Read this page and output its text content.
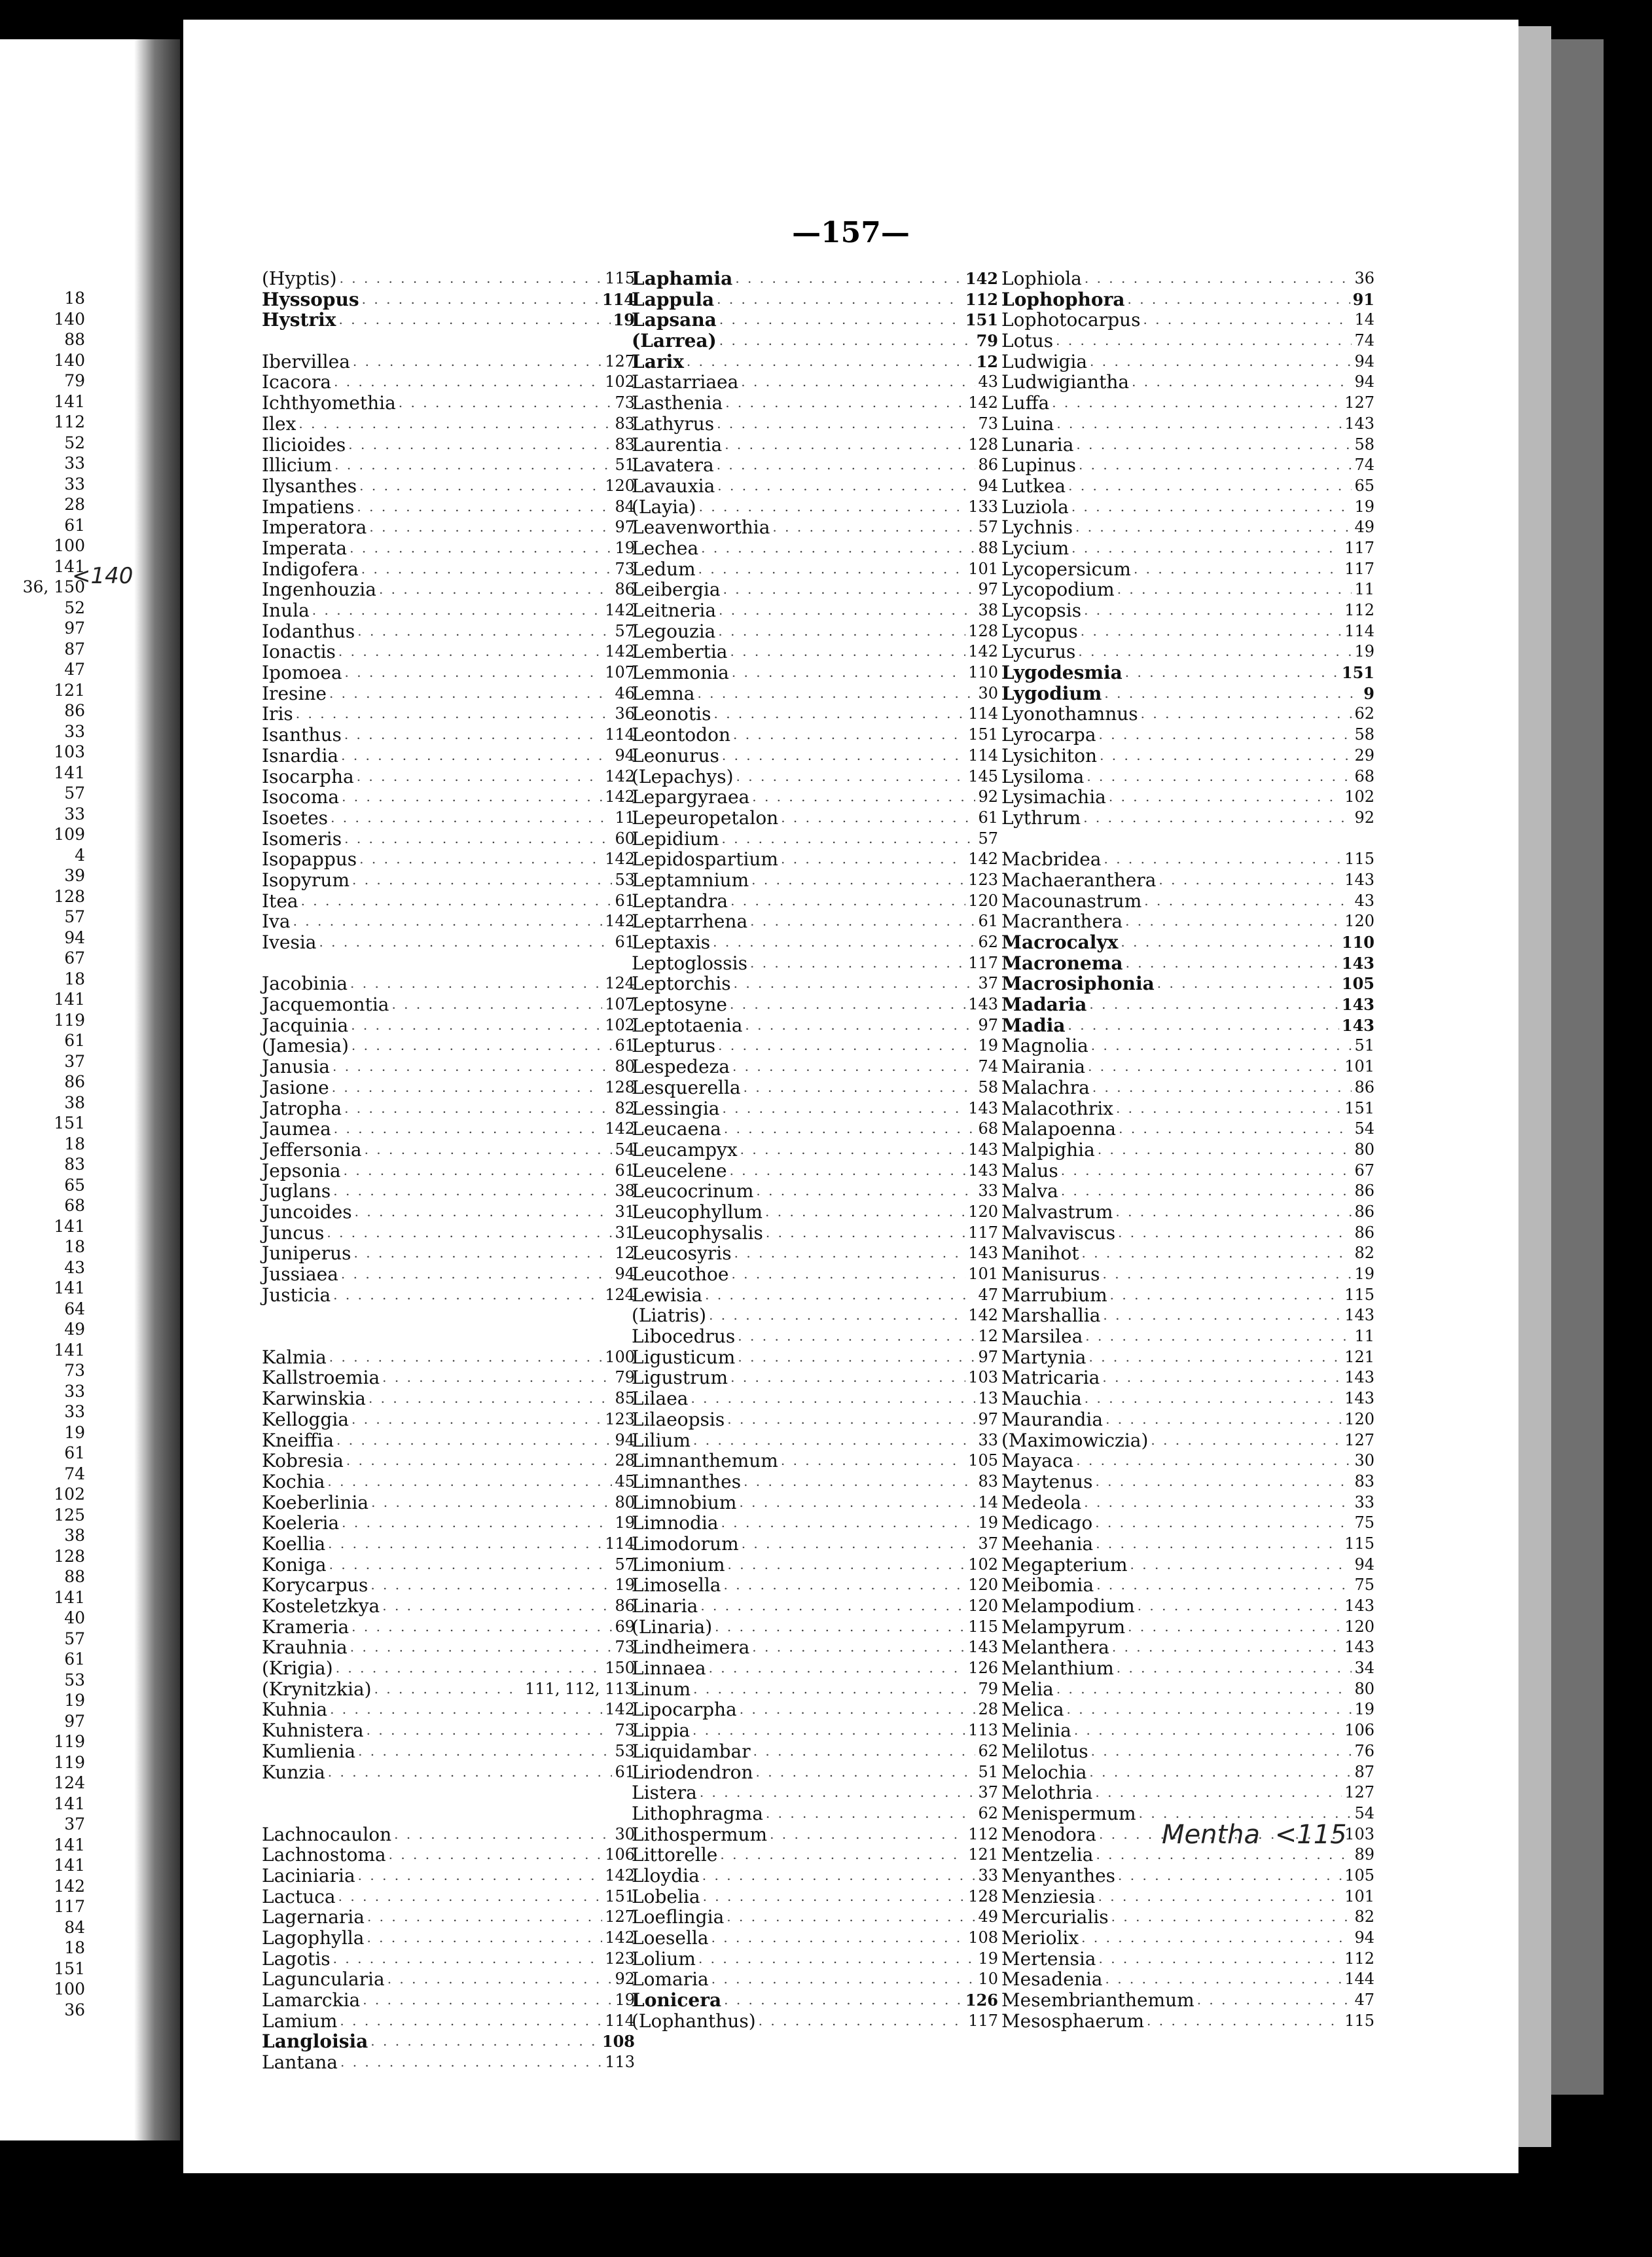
18
140
88
140
79
141
112
52
33
33
28
61
100
141
36, 150
52
97
87
47
121
86
33
103
141
57
33
109
4
39
128
57
94
67
18
141
119
61
37
86
38
151
18
83
65
68
141
18
43
141
64
49
141
73
33
33
19
61
74
102
125
38
128
88
141
40
57
61
53
19
97
119
119
124
141
37
141
141
142
117
84
18
151
100
36
<140
—157—
(Hyptis) . . .	115
Hyssopus . . .	114
Hystrix . . .	19
Ibervillea . . .	127
Icacora . . .	102
Ichthyomethia . . .	73
Ilex . . .	83
Ilicioides . . .	83
Illicium . . .	51
Ilysanthes . . .	120
Impatiens . . .	84
Imperatora . . .	97
Imperata . . .	19
Indigofera . . .	73
Ingenhouzia . . .	86
Inula . . .	142
Iodanthus . . .	57
Ionactis . . .	142
Ipomoea . . .	107
Iresine . . .	46
Iris . . .	36
Isanthus . . .	114
Isnardia . . .	94
Isocarpha . . .	142
Isocoma . . .	142
Isoetes . . .	11
Isomeris . . .	60
Isopappus . . .	142
Isopyrum . . .	53
Itea . . .	61
Iva . . .	142
Ivesia . . .	61
Jacobinia . . .	124
Jacquemontia . . .	107
Jacquinia . . .	102
(Jamesia) . . .	61
Janusia . . .	80
Jasione . . .	128
Jatropha . . .	82
Jaumea . . .	142
Jeffersonia . . .	54
Jepsonia . . .	61
Juglans . . .	38
Juncoides . . .	31
Juncus . . .	31
Juniperus . . .	12
Jussiaea . . .	94
Justicia . . .	124
Kalmia . . .	100
Kallstroemia . . .	79
Karwinskia . . .	85
Kelloggia . . .	123
Kneiffia . . .	94
Kobresia . . .	28
Kochia . . .	45
Koeberlinia . . .	80
Koeleria . . .	19
Koellia . . .	114
Koniga . . .	57
Korycarpus . . .	19
Kosteletzkya . . .	86
Krameria . . .	69
Krauhnia . . .	73
(Krigia) . . .	150
(Krynitzkia) . . .	111, 112, 113
Kuhnia . . .	142
Kuhnistera . . .	73
Kumlienia . . .	53
Kunzia . . .	61
Lachnocaulon . . .	30
Lachnostoma . . .	106
Laciniaria . . .	142
Lactuca . . .	151
Lagernaria . . .	127
Lagophylla . . .	142
Lagotis . . .	123
Laguncularia . . .	92
Lamarckia . . .	19
Lamium . . .	114
Langloisia . . .	108
Lantana . . .	113
Laphamia . . .	142
Lappula . . .	112
Lapsana . . .	151
(Larrea) . . .	79
Larix . . .	12
Lastarriaea . . .	43
Lasthenia . . .	142
Lathyrus . . .	73
Laurentia . . .	128
Lavatera . . .	86
Lavauxia . . .	94
(Layia) . . .	133
Leavenworthia . . .	57
Lechea . . .	88
Ledum . . .	101
Leibergia . . .	97
Leitneria . . .	38
Legouzia . . .	128
Lembertia . . .	142
Lemmonia . . .	110
Lemna . . .	30
Leonotis . . .	114
Leontodon . . .	151
Leonurus . . .	114
(Lepachys) . . .	145
Lepargyraea . . .	92
Lepeuropetalon . . .	61
Lepidium . . .	57
Lepidospartium . . .	142
Leptamnium . . .	123
Leptandra . . .	120
Leptarrhena . . .	61
Leptaxis . . .	62
Leptoglossis . . .	117
Leptorchis . . .	37
Leptosyne . . .	143
Leptotaenia . . .	97
Lepturus . . .	19
Lespedeza . . .	74
Lesquerella . . .	58
Lessingia . . .	143
Leucaena . . .	68
Leucampyx . . .	143
Leucelene . . .	143
Leucocrinum . . .	33
Leucophyllum . . .	120
Leucophysalis . . .	117
Leucosyris . . .	143
Leucothoe . . .	101
Lewisia . . .	47
(Liatris) . . .	142
Libocedrus . . .	12
Ligusticum . . .	97
Ligustrum . . .	103
Lilaea . . .	13
Lilaeopsis . . .	97
Lilium . . .	33
Limnanthemum . . .	105
Limnanthes . . .	83
Limnobium . . .	14
Limnodia . . .	19
Limodorum . . .	37
Limonium . . .	102
Limosella . . .	120
Linaria . . .	120
(Linaria) . . .	115
Lindheimera . . .	143
Linnaea . . .	126
Linum . . .	79
Lipocarpha . . .	28
Lippia . . .	113
Liquidambar . . .	62
Liriodendron . . .	51
Listera . . .	37
Lithophragma . . .	62
Lithospermum . . .	112
Littorelle . . .	121
Lloydia . . .	33
Lobelia . . .	128
Loeflingia . . .	49
Loesella . . .	108
Lolium . . .	19
Lomaria . . .	10
Lonicera . . .	126
(Lophanthus) . . .	117
Lophiola . . .	36
Lophophora . . .	91
Lophotocarpus . . .	14
Lotus . . .	74
Ludwigia . . .	94
Ludwigiantha . . .	94
Luffa . . .	127
Luina . . .	143
Lunaria . . .	58
Lupinus . . .	74
Lutkea . . .	65
Luziola . . .	19
Lychnis . . .	49
Lycium . . .	117
Lycopersicum . . .	117
Lycopodium . . .	11
Lycopsis . . .	112
Lycopus . . .	114
Lycurus . . .	19
Lygodesmia . . .	151
Lygodium . . .	9
Lyonothamnus . . .	62
Lyrocarpa . . .	58
Lysichiton . . .	29
Lysiloma . . .	68
Lysimachia . . .	102
Lythrum . . .	92
Macbridea . . .	115
Machaeranthera . . .	143
Macounastrum . . .	43
Macranthera . . .	120
Macrocalyx . . .	110
Macronema . . .	143
Macrosiphonia . . .	105
Madaria . . .	143
Madia . . .	143
Magnolia . . .	51
Mairania . . .	101
Malachra . . .	86
Malacothrix . . .	151
Malapoenna . . .	54
Malpighia . . .	80
Malus . . .	67
Malva . . .	86
Malvastrum . . .	86
Malvaviscus . . .	86
Manihot . . .	82
Manisurus . . .	19
Marrubium . . .	115
Marshallia . . .	143
Marsilea . . .	11
Martynia . . .	121
Matricaria . . .	143
Mauchia . . .	143
Maurandia . . .	120
(Maximowiczia) . . .	127
Mayaca . . .	30
Maytenus . . .	83
Medeola . . .	33
Medicago . . .	75
Meehania . . .	115
Megapterium . . .	94
Meibomia . . .	75
Melampodium . . .	143
Melampyrum . . .	120
Melanthera . . .	143
Melanthium . . .	34
Melia . . .	80
Melica . . .	19
Melinia . . .	106
Melilotus . . .	76
Melochia . . .	87
Melothria . . .	127
Menispermum . . .	54
Menodora . . .	103
Mentzelia . . .	89
Menyanthes . . .	105
Menziesia . . .	101
Mercurialis . . .	82
Meriolix . . .	94
Mertensia . . .	112
Mesadenia . . .	144
Mesembrianthemum . . .	47
Mesosphaerum . . .	115
Mentha <115
